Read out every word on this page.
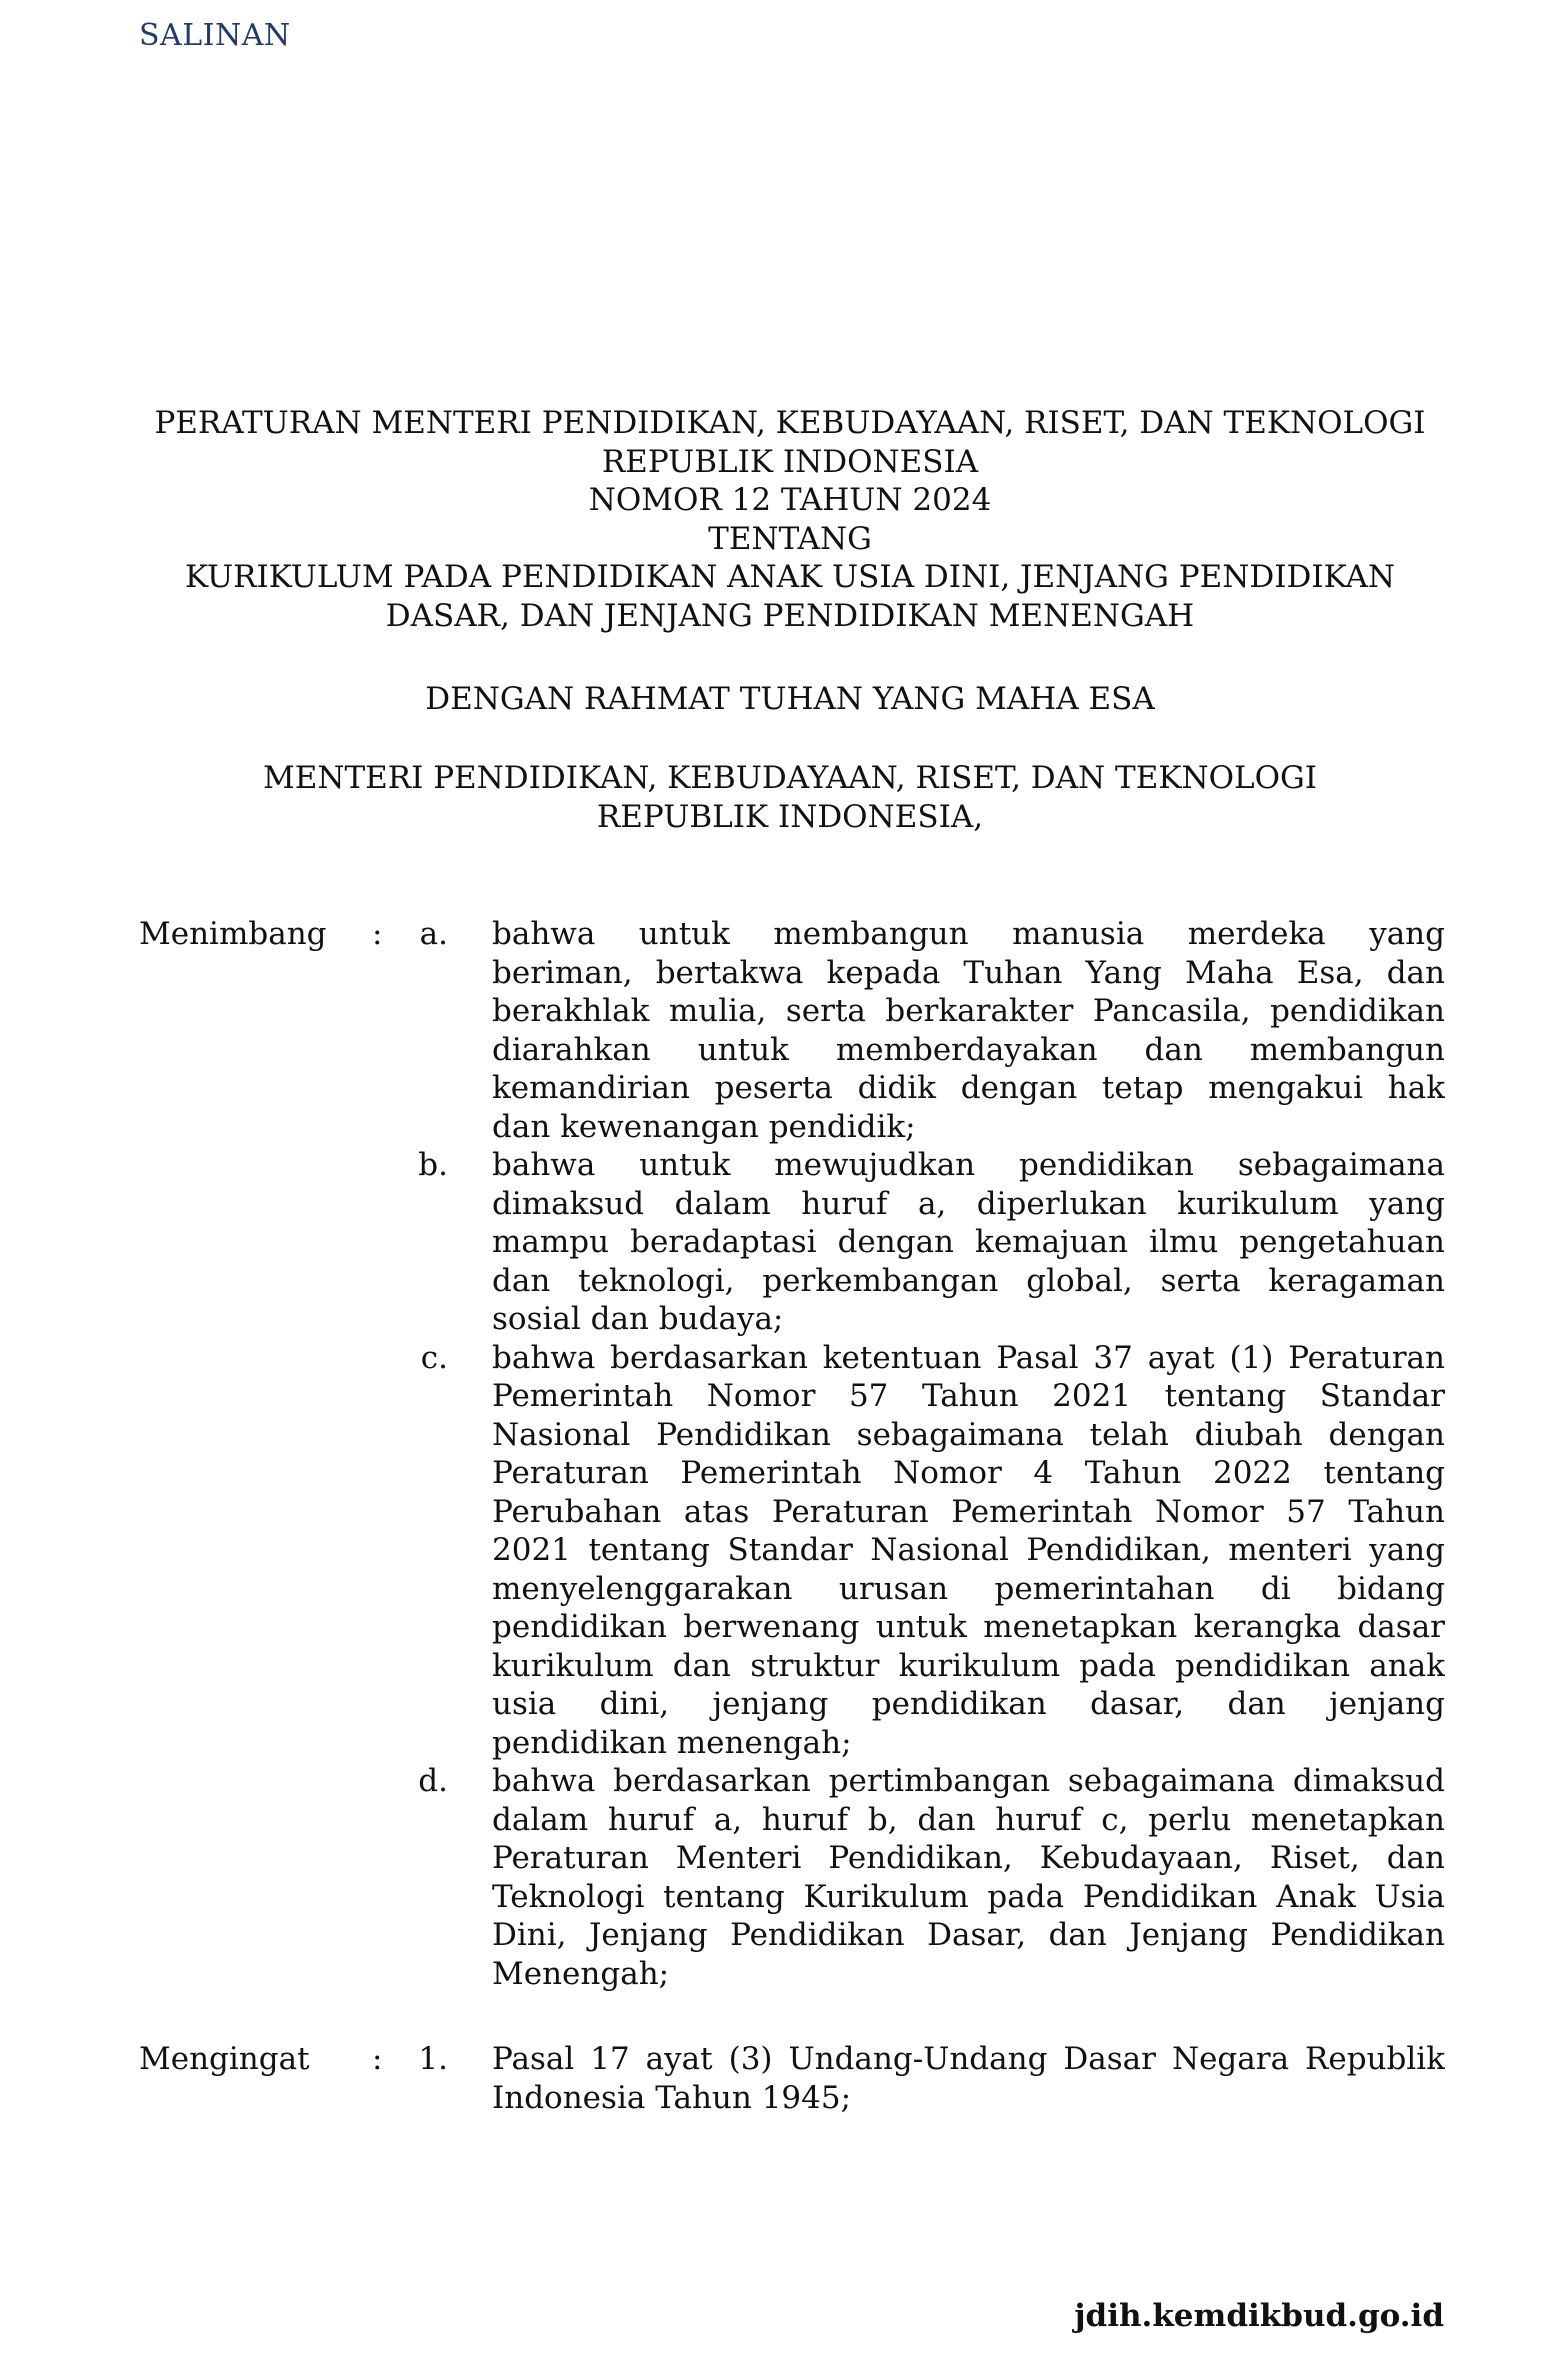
SALINAN
PERATURAN MENTERI PENDIDIKAN, KEBUDAYAAN, RISET, DAN TEKNOLOGI
REPUBLIK INDONESIA
NOMOR 12 TAHUN 2024
TENTANG
KURIKULUM PADA PENDIDIKAN ANAK USIA DINI, JENJANG PENDIDIKAN
DASAR, DAN JENJANG PENDIDIKAN MENENGAH
DENGAN RAHMAT TUHAN YANG MAHA ESA
MENTERI PENDIDIKAN, KEBUDAYAAN, RISET, DAN TEKNOLOGI
REPUBLIK INDONESIA,
Menimbang : a. bahwa untuk membangun manusia merdeka yang
beriman, bertakwa kepada Tuhan Yang Maha Esa, dan
berakhlak mulia, serta berkarakter Pancasila, pendidikan
diarahkan untuk memberdayakan dan membangun
kemandirian peserta didik dengan tetap mengakui hak
dan kewenangan pendidik;
b. bahwa untuk mewujudkan pendidikan sebagaimana
dimaksud dalam huruf a, diperlukan kurikulum yang
mampu beradaptasi dengan kemajuan ilmu pengetahuan
dan teknologi, perkembangan global, serta keragaman
sosial dan budaya;
c. bahwa berdasarkan ketentuan Pasal 37 ayat (1) Peraturan
Pemerintah Nomor 57 Tahun 2021 tentang Standar
Nasional Pendidikan sebagaimana telah diubah dengan
Peraturan Pemerintah Nomor 4 Tahun 2022 tentang
Perubahan atas Peraturan Pemerintah Nomor 57 Tahun
2021 tentang Standar Nasional Pendidikan, menteri yang
menyelenggarakan urusan pemerintahan di bidang
pendidikan berwenang untuk menetapkan kerangka dasar
kurikulum dan struktur kurikulum pada pendidikan anak
usia dini, jenjang pendidikan dasar, dan jenjang
pendidikan menengah;
d. bahwa berdasarkan pertimbangan sebagaimana dimaksud
dalam huruf a, huruf b, dan huruf c, perlu menetapkan
Peraturan Menteri Pendidikan, Kebudayaan, Riset, dan
Teknologi tentang Kurikulum pada Pendidikan Anak Usia
Dini, Jenjang Pendidikan Dasar, dan Jenjang Pendidikan
Menengah;
Mengingat : 1. Pasal 17 ayat (3) Undang-Undang Dasar Negara Republik
Indonesia Tahun 1945;
jdih.kemdikbud.go.id
